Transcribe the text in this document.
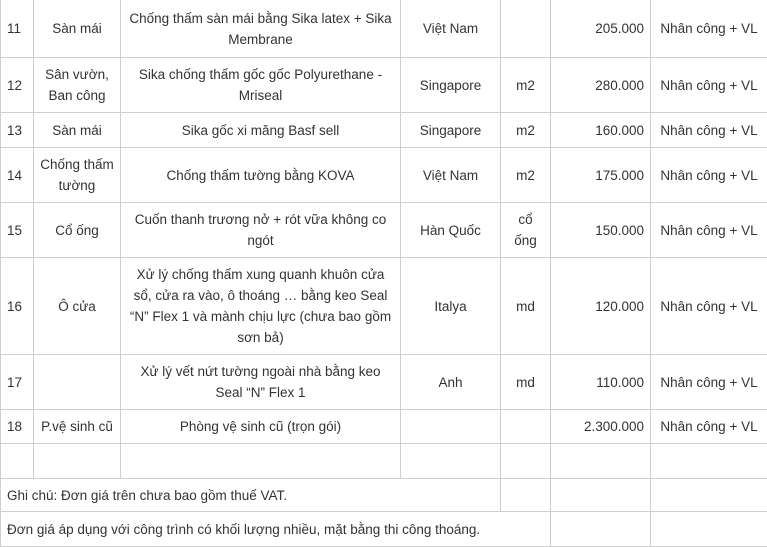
11	Sàn mái	Chống thấm sàn mái bằng Sika latex + Sika Membrane	Việt Nam		205.000	Nhân công + VL
12	Sân vườn, Ban công	Sika chống thấm gốc gốc Polyurethane - Mriseal	Singapore	m2	280.000	Nhân công + VL
13	Sàn mái	Sika gốc xi măng Basf sell	Singapore	m2	160.000	Nhân công + VL
14	Chống thấm tường	Chống thấm tường bằng KOVA	Việt Nam	m2	175.000	Nhân công + VL
15	Cổ ống	Cuốn thanh trương nở + rót vữa không co ngót	Hàn Quốc	cổ ống	150.000	Nhân công + VL
16	Ô cửa	Xử lý chống thấm xung quanh khuôn cửa sổ, cửa ra vào, ô thoáng … bằng keo Seal “N” Flex 1 và mành chịu lực (chưa bao gồm sơn bả)	Italya	md	120.000	Nhân công + VL
17		Xử lý vết nứt tường ngoài nhà bằng keo Seal “N” Flex 1	Anh	md	110.000	Nhân công + VL
18	P.vệ sinh cũ	Phòng vệ sinh cũ (trọn gói)			2.300.000	Nhân công + VL

Ghi chú: Đơn giá trên chưa bao gồm thuế VAT.						
Đơn giá áp dụng với công trình có khối lượng nhiều, mặt bằng thi công thoáng.						
